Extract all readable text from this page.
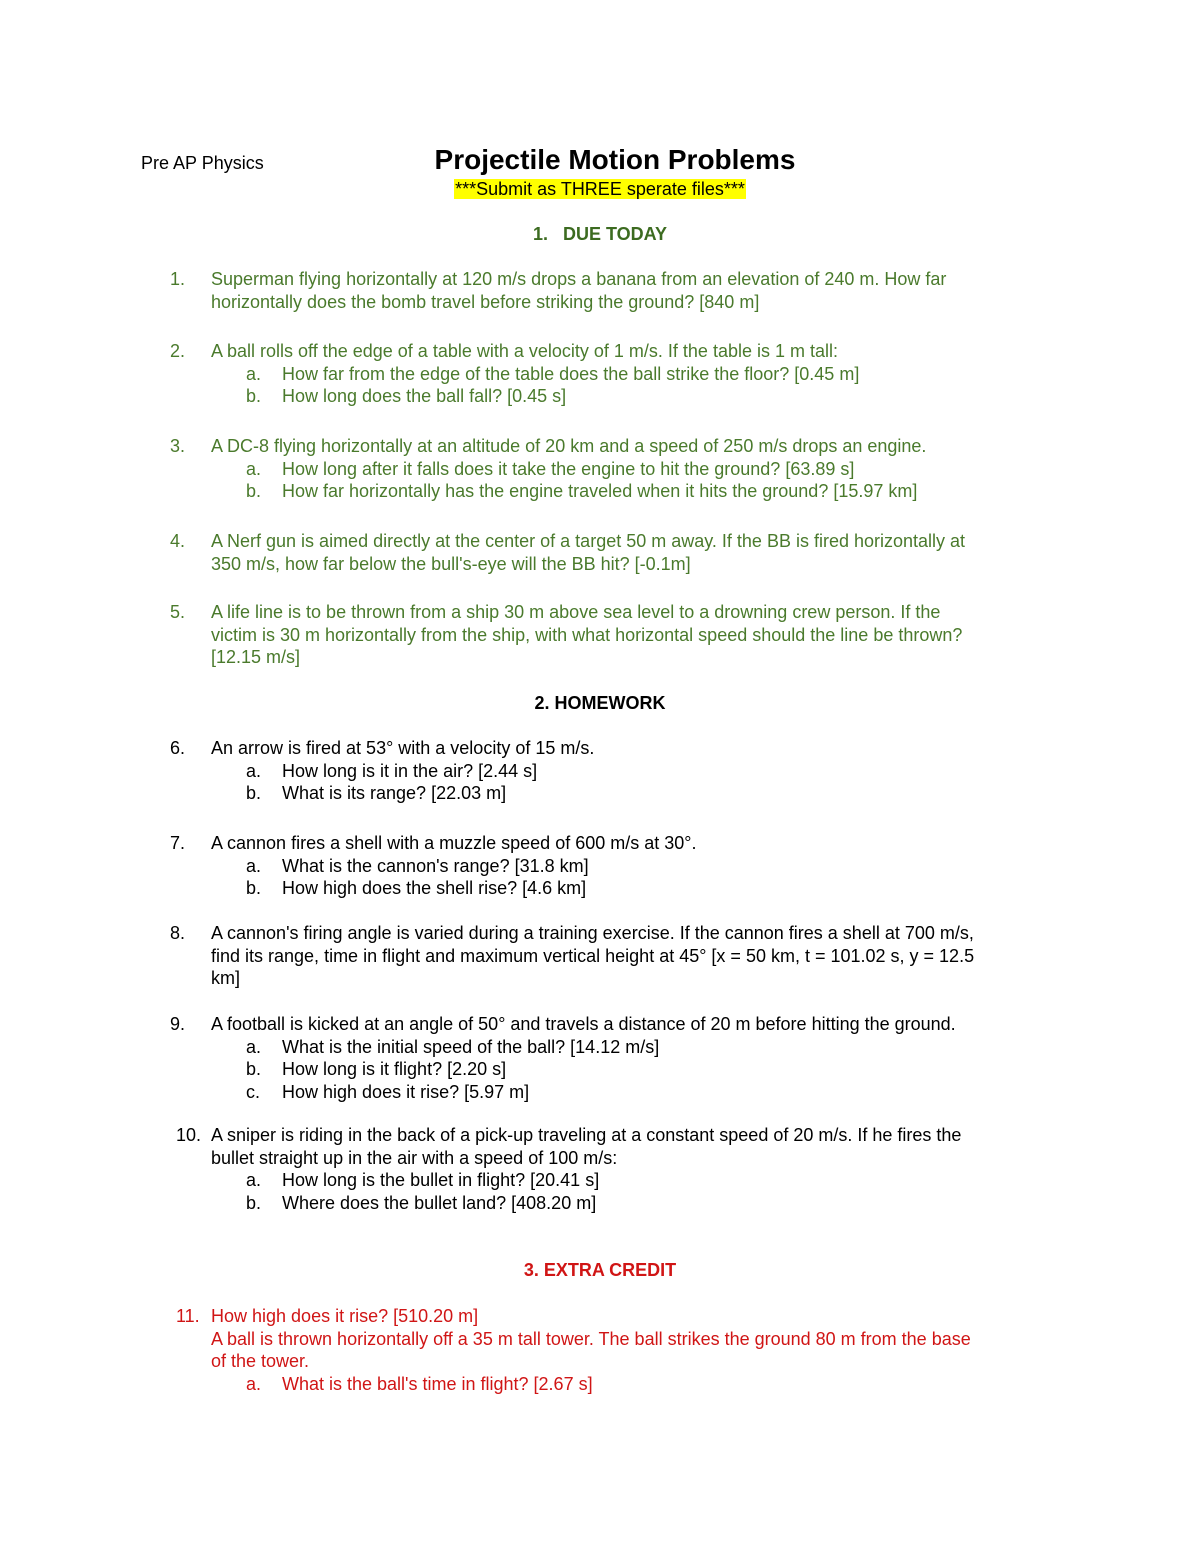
Pre AP Physics	Projectile Motion Problems
***Submit as THREE sperate files***
1.   DUE TODAY
2. HOMEWORK
3. EXTRA CREDIT
1.	Superman flying horizontally at 120 m/s drops a banana from an elevation of 240 m. How far
horizontally does the bomb travel before striking the ground? [840 m]
2.	A ball rolls off the edge of a table with a velocity of 1 m/s. If the table is 1 m tall:
a. How far from the edge of the table does the ball strike the floor? [0.45 m]
b. How long does the ball fall? [0.45 s]
3.	A DC-8 flying horizontally at an altitude of 20 km and a speed of 250 m/s drops an engine.
a. How long after it falls does it take the engine to hit the ground? [63.89 s]
b. How far horizontally has the engine traveled when it hits the ground? [15.97 km]
4.	A Nerf gun is aimed directly at the center of a target 50 m away. If the BB is fired horizontally at
350 m/s, how far below the bull's-eye will the BB hit? [-0.1m]
5.	A life line is to be thrown from a ship 30 m above sea level to a drowning crew person. If the
victim is 30 m horizontally from the ship, with what horizontal speed should the line be thrown?
[12.15 m/s]
6.	An arrow is fired at 53° with a velocity of 15 m/s.
a. How long is it in the air? [2.44 s]
b. What is its range? [22.03 m]
7.	A cannon fires a shell with a muzzle speed of 600 m/s at 30°.
a. What is the cannon's range? [31.8 km]
b. How high does the shell rise? [4.6 km]
8.	A cannon's firing angle is varied during a training exercise. If the cannon fires a shell at 700 m/s,
find its range, time in flight and maximum vertical height at 45° [x = 50 km, t = 101.02 s, y = 12.5
km]
9.	A football is kicked at an angle of 50° and travels a distance of 20 m before hitting the ground.
a. What is the initial speed of the ball? [14.12 m/s]
b. How long is it flight? [2.20 s]
c. How high does it rise? [5.97 m]
10. A sniper is riding in the back of a pick-up traveling at a constant speed of 20 m/s. If he fires the
bullet straight up in the air with a speed of 100 m/s:
a. How long is the bullet in flight? [20.41 s]
b. Where does the bullet land? [408.20 m]
11. How high does it rise? [510.20 m]
A ball is thrown horizontally off a 35 m tall tower. The ball strikes the ground 80 m from the base
of the tower.
a. What is the ball's time in flight? [2.67 s]
